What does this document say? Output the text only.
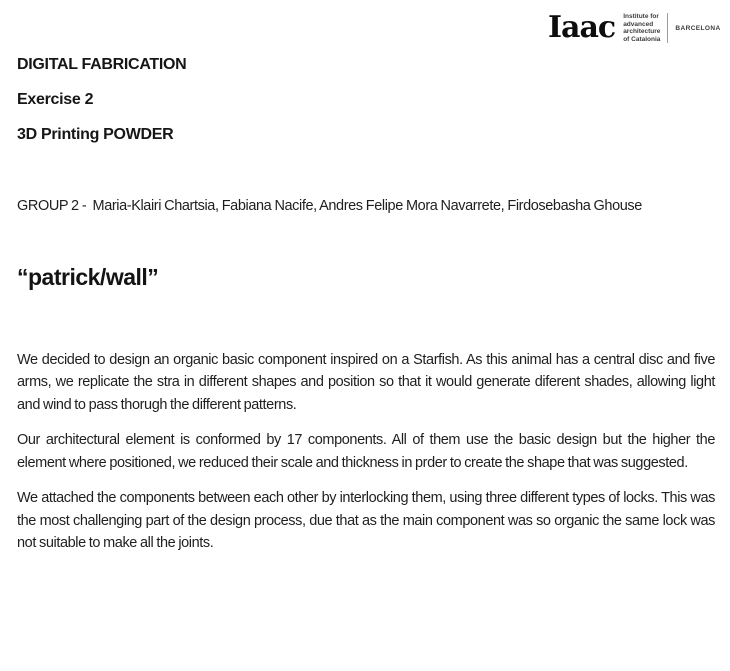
Iaac Institute for
advanced
architecture
of Catalonia
BARCELONA

DIGITAL FABRICATION

Exercise 2

3D Printing POWDER

GROUP 2 -  Maria-Klairi Chartsia, Fabiana Nacife, Andres Felipe Mora Navarrete, Firdosebasha Ghouse

“patrick/wall”

We decided to design an organic basic component inspired on a Starfish. As this animal has a central disc and five arms, we replicate the stra in different shapes and position so that it would generate diferent shades, allowing light and wind to pass thorugh the different patterns.

Our architectural element is conformed by 17 components. All of them use the basic design but the higher the element where positioned, we reduced their scale and thickness in prder to create the shape that was suggested.

We attached the components between each other by interlocking them, using three different types of locks. This was the most challenging part of the design process, due that as the main component was so organic the same lock was not suitable to make all the joints.
